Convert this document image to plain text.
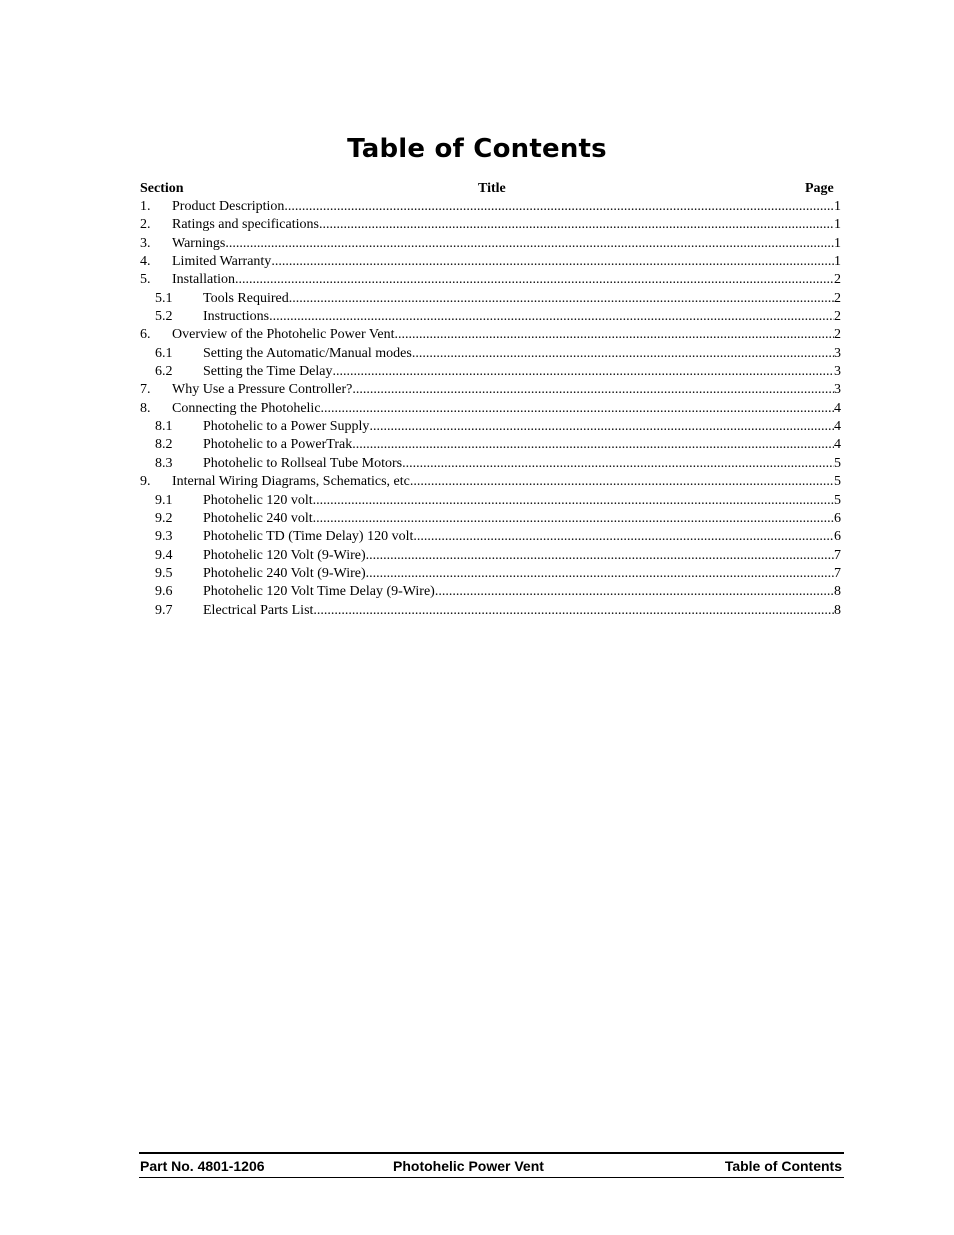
Table of Contents
Section	Title	Page
1. Product Description .....	1
2. Ratings and specifications .....	1
3. Warnings .....	1
4. Limited Warranty .....	1
5. Installation .....	2
5.1 Tools Required .....	2
5.2 Instructions .....	2
6. Overview of the Photohelic Power Vent .....	2
6.1 Setting the Automatic/Manual modes .....	3
6.2 Setting the Time Delay .....	3
7. Why Use a Pressure Controller? .....	3
8. Connecting the Photohelic .....	4
8.1 Photohelic to a Power Supply .....	4
8.2 Photohelic to a PowerTrak .....	4
8.3 Photohelic to Rollseal Tube Motors .....	5
9. Internal Wiring Diagrams, Schematics, etc .....	5
9.1 Photohelic 120 volt .....	5
9.2 Photohelic 240 volt .....	6
9.3 Photohelic TD (Time Delay) 120 volt .....	6
9.4 Photohelic 120 Volt (9-Wire) .....	7
9.5 Photohelic 240 Volt (9-Wire) .....	7
9.6 Photohelic 120 Volt Time Delay (9-Wire) .....	8
9.7 Electrical Parts List .....	8
Part No. 4801-1206	Photohelic Power Vent	Table of Contents
